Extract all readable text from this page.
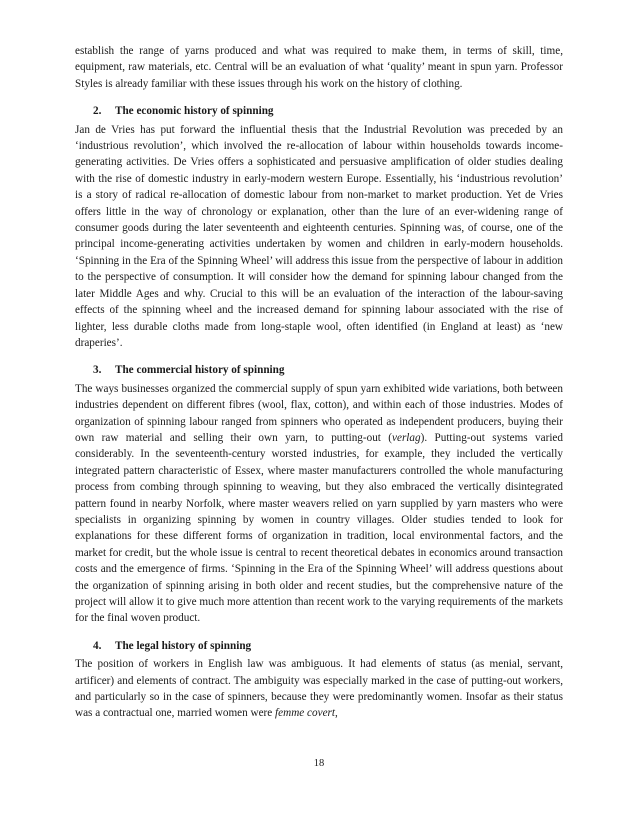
establish the range of yarns produced and what was required to make them, in terms of skill, time, equipment, raw materials, etc. Central will be an evaluation of what ‘quality’ meant in spun yarn. Professor Styles is already familiar with these issues through his work on the history of clothing.

2. The economic history of spinning

Jan de Vries has put forward the influential thesis that the Industrial Revolution was preceded by an ‘industrious revolution’, which involved the re-allocation of labour within households towards income-generating activities. De Vries offers a sophisticated and persuasive amplification of older studies dealing with the rise of domestic industry in early-modern western Europe. Essentially, his ‘industrious revolution’ is a story of radical re-allocation of domestic labour from non-market to market production. Yet de Vries offers little in the way of chronology or explanation, other than the lure of an ever-widening range of consumer goods during the later seventeenth and eighteenth centuries. Spinning was, of course, one of the principal income-generating activities undertaken by women and children in early-modern households. ‘Spinning in the Era of the Spinning Wheel’ will address this issue from the perspective of labour in addition to the perspective of consumption. It will consider how the demand for spinning labour changed from the later Middle Ages and why. Crucial to this will be an evaluation of the interaction of the labour-saving effects of the spinning wheel and the increased demand for spinning labour associated with the rise of lighter, less durable cloths made from long-staple wool, often identified (in England at least) as ‘new draperies’.

3. The commercial history of spinning

The ways businesses organized the commercial supply of spun yarn exhibited wide variations, both between industries dependent on different fibres (wool, flax, cotton), and within each of those industries. Modes of organization of spinning labour ranged from spinners who operated as independent producers, buying their own raw material and selling their own yarn, to putting-out (verlag). Putting-out systems varied considerably. In the seventeenth-century worsted industries, for example, they included the vertically integrated pattern characteristic of Essex, where master manufacturers controlled the whole manufacturing process from combing through spinning to weaving, but they also embraced the vertically disintegrated pattern found in nearby Norfolk, where master weavers relied on yarn supplied by yarn masters who were specialists in organizing spinning by women in country villages. Older studies tended to look for explanations for these different forms of organization in tradition, local environmental factors, and the market for credit, but the whole issue is central to recent theoretical debates in economics around transaction costs and the emergence of firms. ‘Spinning in the Era of the Spinning Wheel’ will address questions about the organization of spinning arising in both older and recent studies, but the comprehensive nature of the project will allow it to give much more attention than recent work to the varying requirements of the markets for the final woven product.

4. The legal history of spinning

The position of workers in English law was ambiguous. It had elements of status (as menial, servant, artificer) and elements of contract. The ambiguity was especially marked in the case of putting-out workers, and particularly so in the case of spinners, because they were predominantly women. Insofar as their status was a contractual one, married women were femme covert,

18
